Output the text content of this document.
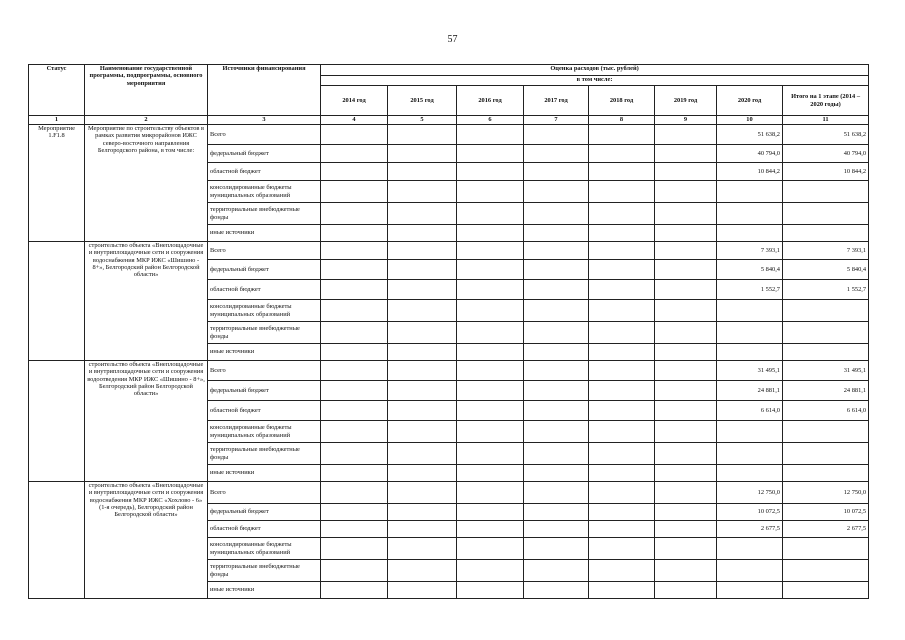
57
Статус	Наименование государственной программы, подпрограммы, основного мероприятия	Источники финансирования	Оценка расходов (тыс. рублей)							
			в том числе:							
			2014 год	2015 год	2016 год	2017 год	2018 год	2019 год	2020 год	Итого на 1 этапе (2014 – 2020 годы)
1	2	3	4	5	6	7	8	9	10	11
Мероприятие 1.F1.8	Мероприятие по строительству объектов в рамках развития микрорайонов ИЖС северо-восточного направления Белгородского района, в том числе:	Всего							51 638,2	51 638,2
		федеральный бюджет							40 794,0	40 794,0
		областной бюджет							10 844,2	10 844,2
		консолидированные бюджеты муниципальных образований								
		территориальные внебюджетные фонды								
		иные источники								
	строительство объекта «Внеплощадочные и внутриплощадочные сети и сооружения водоснабжения МКР ИЖС «Шишино - 8+», Белгородский район Белгородской области»	Всего							7 393,1	7 393,1
		федеральный бюджет							5 840,4	5 840,4
		областной бюджет							1 552,7	1 552,7
		консолидированные бюджеты муниципальных образований								
		территориальные внебюджетные фонды								
		иные источники								
	строительство объекта «Внеплощадочные и внутриплощадочные сети и сооружения водоотведения МКР ИЖС «Шишино - 8+», Белгородский район Белгородской области»	Всего							31 495,1	31 495,1
		федеральный бюджет							24 881,1	24 881,1
		областной бюджет							6 614,0	6 614,0
		консолидированные бюджеты муниципальных образований								
		территориальные внебюджетные фонды								
		иные источники								
	строительство объекта «Внеплощадочные и внутриплощадочные сети и сооружения водоснабжения МКР ИЖС «Хохлово - 6» (1-я очередь), Белгородский район Белгородской области»	Всего							12 750,0	12 750,0
		федеральный бюджет							10 072,5	10 072,5
		областной бюджет							2 677,5	2 677,5
		консолидированные бюджеты муниципальных образований								
		территориальные внебюджетные фонды								
		иные источники								
